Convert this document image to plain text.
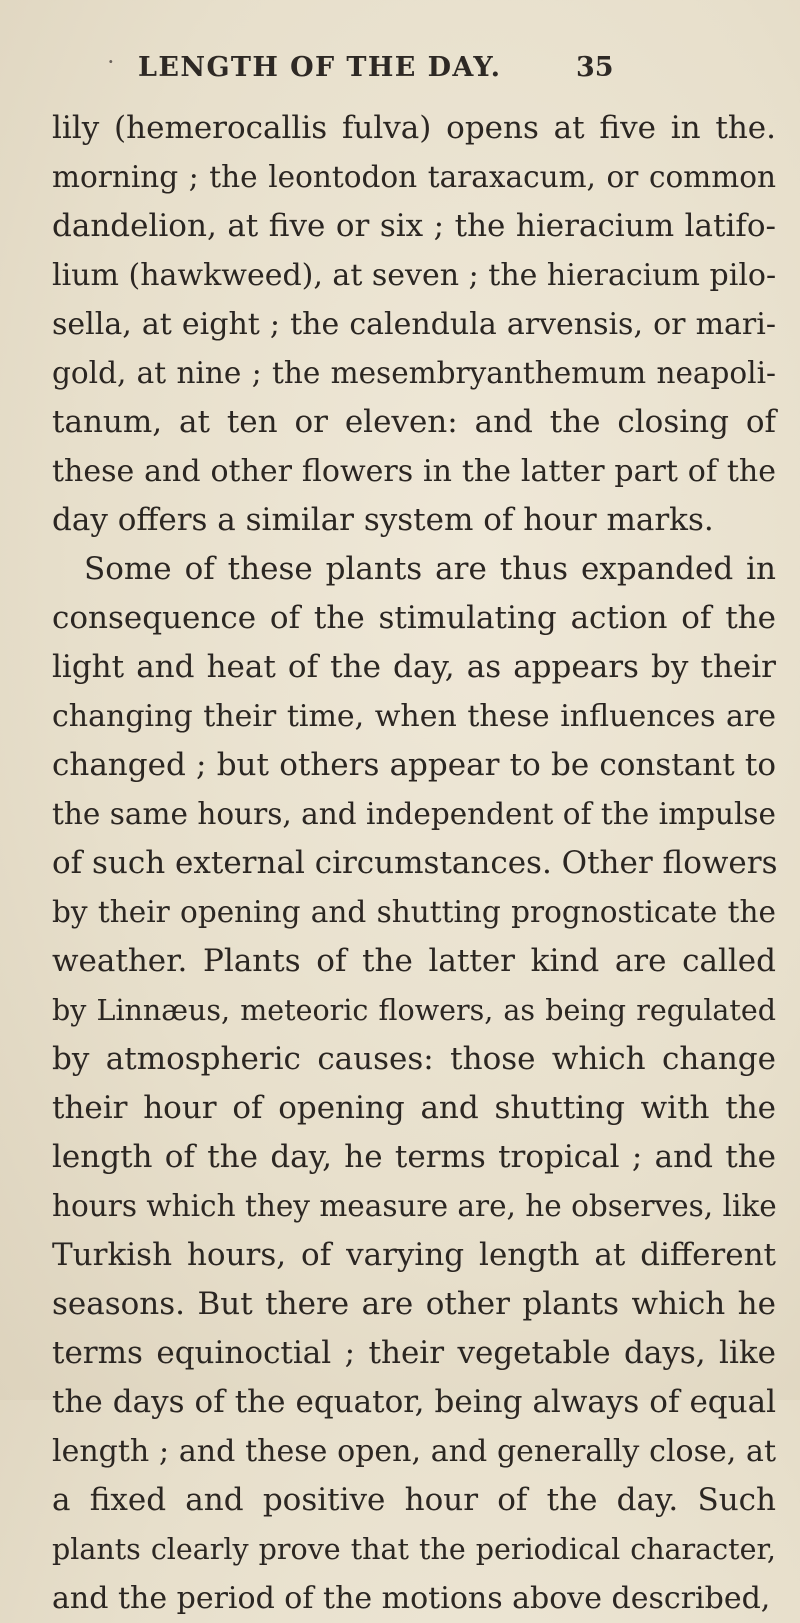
· LENGTH OF THE DAY.	35
lily (hemerocallis fulva) opens at five in the.
morning ; the leontodon taraxacum, or common
dandelion, at five or six ; the hieracium latifo-
lium (hawkweed), at seven ; the hieracium pilo-
sella, at eight ; the calendula arvensis, or mari-
gold, at nine ; the mesembryanthemum neapoli-
tanum, at ten or eleven: and the closing of
these and other flowers in the latter part of the
day offers a similar system of hour marks.
Some of these plants are thus expanded in
consequence of the stimulating action of the
light and heat of the day, as appears by their
changing their time, when these influences are
changed ; but others appear to be constant to
the same hours, and independent of the impulse
of such external circumstances. Other flowers
by their opening and shutting prognosticate the
weather. Plants of the latter kind are called
by Linnæus, meteoric flowers, as being regulated
by atmospheric causes: those which change
their hour of opening and shutting with the
length of the day, he terms tropical ; and the
hours which they measure are, he observes, like
Turkish hours, of varying length at different
seasons. But there are other plants which he
terms equinoctial ; their vegetable days, like
the days of the equator, being always of equal
length ; and these open, and generally close, at
a fixed and positive hour of the day. Such
plants clearly prove that the periodical character,
and the period of the motions above described,
